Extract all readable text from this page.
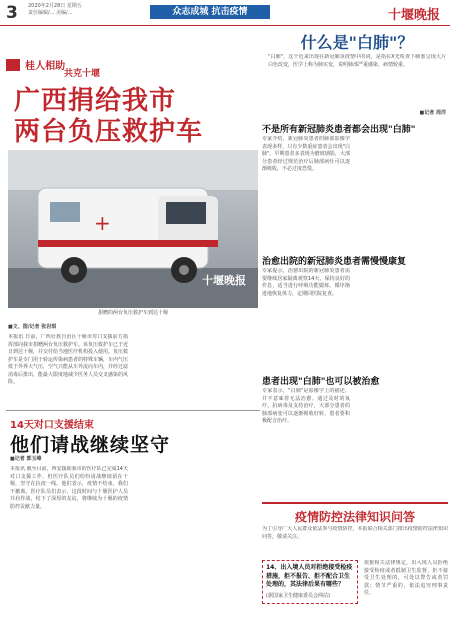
3 2020年2月28日 星期五
责任编辑/... 美编/...	众志成城 抗击疫情	十堰晚报
桂人相助
共克十堰
广西捐给我市
两台负压救护车
+
十堰晚报
捐赠的两台负压救护车到达十堰
■文、图/记者 张岩琪
本报讯 日前，广西壮族自治区十堰市对口支援前方指挥部向我市捐赠两台负压救护车。该负压救护车已于近日到达十堰，并交付给当地医疗机构投入使用。负压救护车是专门用于转运传染病患者的特殊车辆，车内气压低于外界大气压，空气只能从车外流向车内，并经过滤消毒后排出，能最大限度地减少医务人员交叉感染的风险。
14天对口支援结束
他们请战继续坚守
■记者 郭玉峰
本报讯 截至目前，西安援助我市的医疗队已完成14天对口支援工作，但医疗队员们纷纷请战继续留在十堰，坚守在抗疫一线。他们表示，疫情不结束，我们不撤离。医疗队员们表示，这段时间与十堰医护人员并肩作战，结下了深厚的友谊，将继续为十堰的疫情防控贡献力量。
什么是"白肺"？
"白肺"，这个近来出现在新冠肺炎疫情中的词，是指在X光检查下肺部呈现大片白色改变，医学上称为肺实变，说明肺部严重感染，病情较重。
■记者 周洋
不是所有新冠肺炎患者都会出现"白肺"
专家介绍，新冠肺炎患者的肺部影像学表现多样，只有少数重症患者会出现"白肺"。早期患者多表现为磨玻璃影，大部分患者经过规范治疗后肺部病灶可以逐渐吸收，不必过度恐慌。
治愈出院的新冠肺炎患者需慢慢康复
专家提示，治愈出院的新冠肺炎患者需要继续居家隔离观察14天，保持良好的作息，适当进行呼吸功能锻炼，循序渐进地恢复体力，定期回医院复查。
患者出现"白肺"也可以被治愈
专家表示，"白肺"是影像学上的描述，并不意味着无法治愈。通过及时的氧疗、抗病毒及支持治疗，大部分患者的肺部病变可以逐渐吸收好转，患者要积极配合治疗。
疫情防控法律知识问答
为了引导广大人民群众依法参与疫情防控，本报联合相关部门推出疫情防控法律知识问答，敬请关注。
14、出入境人员对拒绝接受检疫措施，拒不报告、拒不配合卫生处理的，其法律后果有哪些？
(据国家卫生健康委员会网站)
依据相关法律规定，出入境人员拒绝接受检疫或者抵制卫生监督，拒不接受卫生处理的，可处以警告或者罚款；情节严重的，依法追究刑事责任。
